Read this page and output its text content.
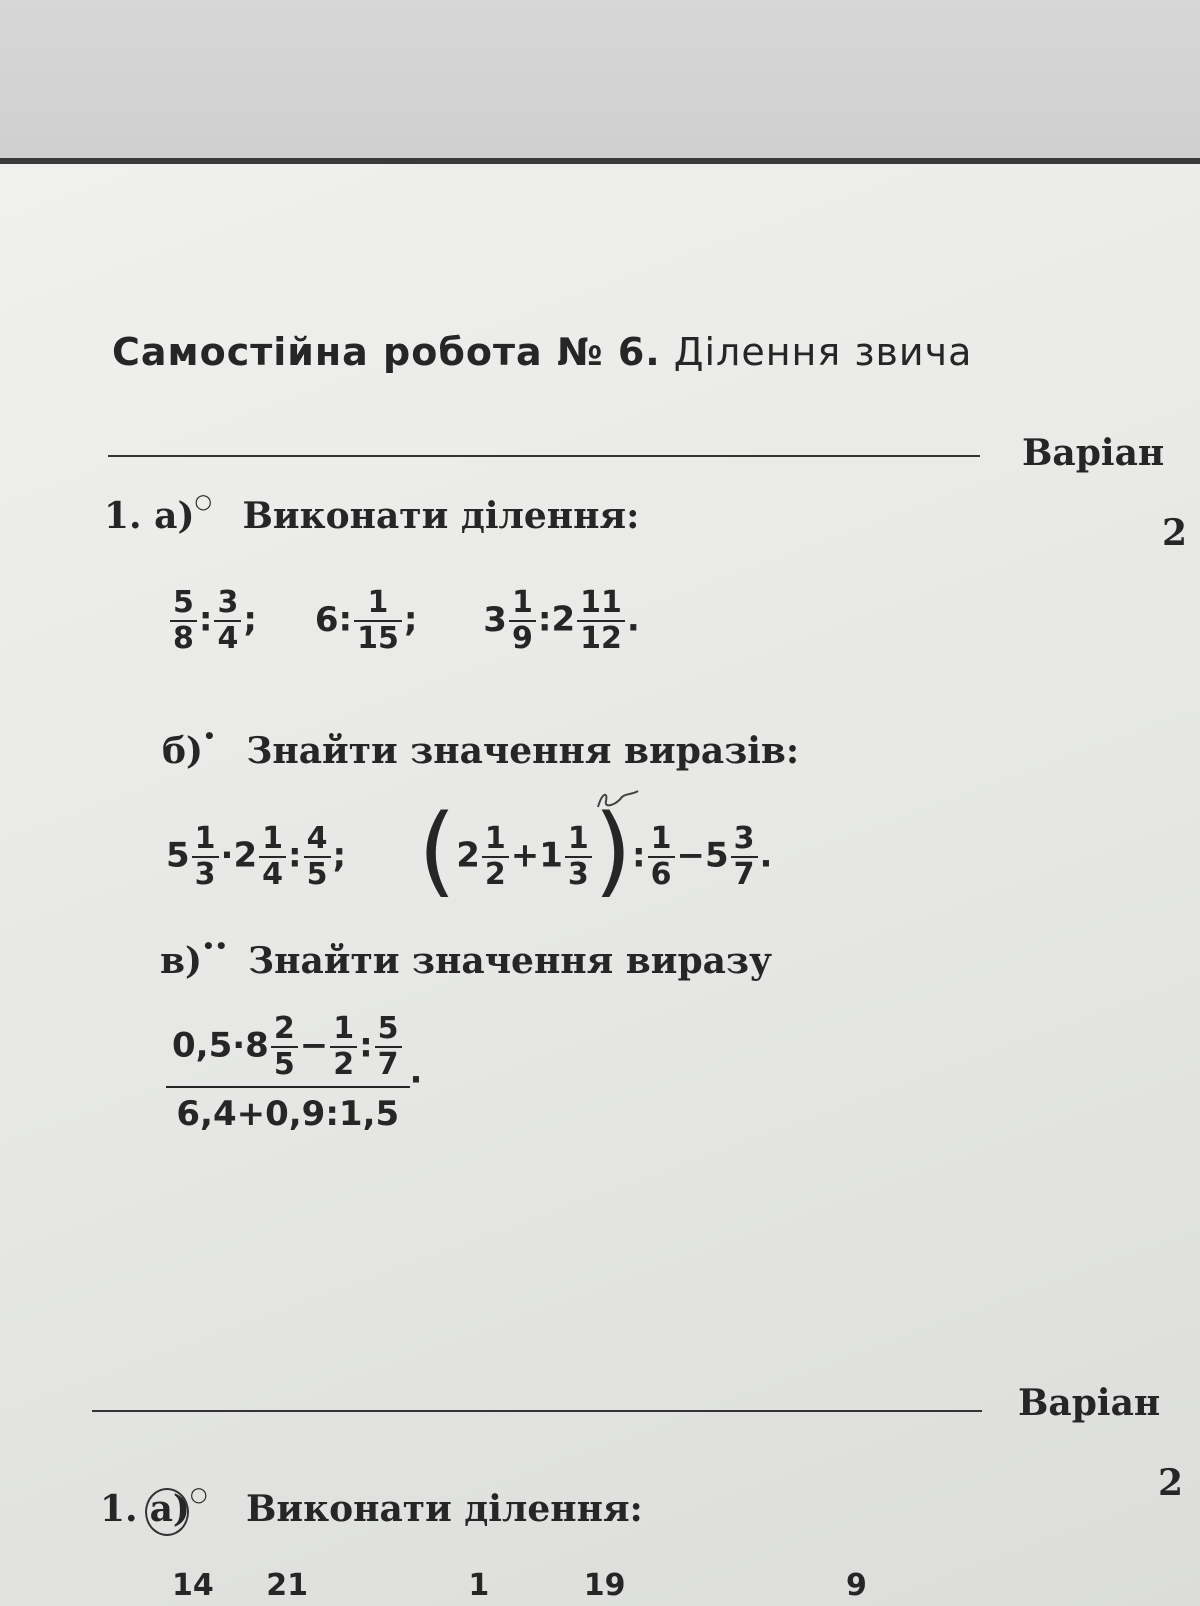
Самостійна робота № 6. Ділення звича
Варіан
2
1. а)○ Виконати ділення:
$\frac{5}{8}$ : $\frac{3}{4}$ ; 6: $\frac{1}{15}$ ; $3 \frac{1}{9}$ :2 $\frac{11}{12}$ .
б)• Знайти значення виразів:
$5 \frac{1}{3} \cdot 2 \frac{1}{4}$ : $\frac{4}{5}$ ; ($2 \frac{1}{2} +1 \frac{1}{3}$ ): $\frac{1}{6} -5 \frac{3}{7}$ .
в)•• Знайти значення виразу
$\frac{0,5\cdot 8 \frac{2}{5} - \frac{1}{2} : \frac{5}{7}}{6,4+0,9:1,5}$ .
Варіан
2
1. а)○ Виконати ділення:
14 21	1	19	9
